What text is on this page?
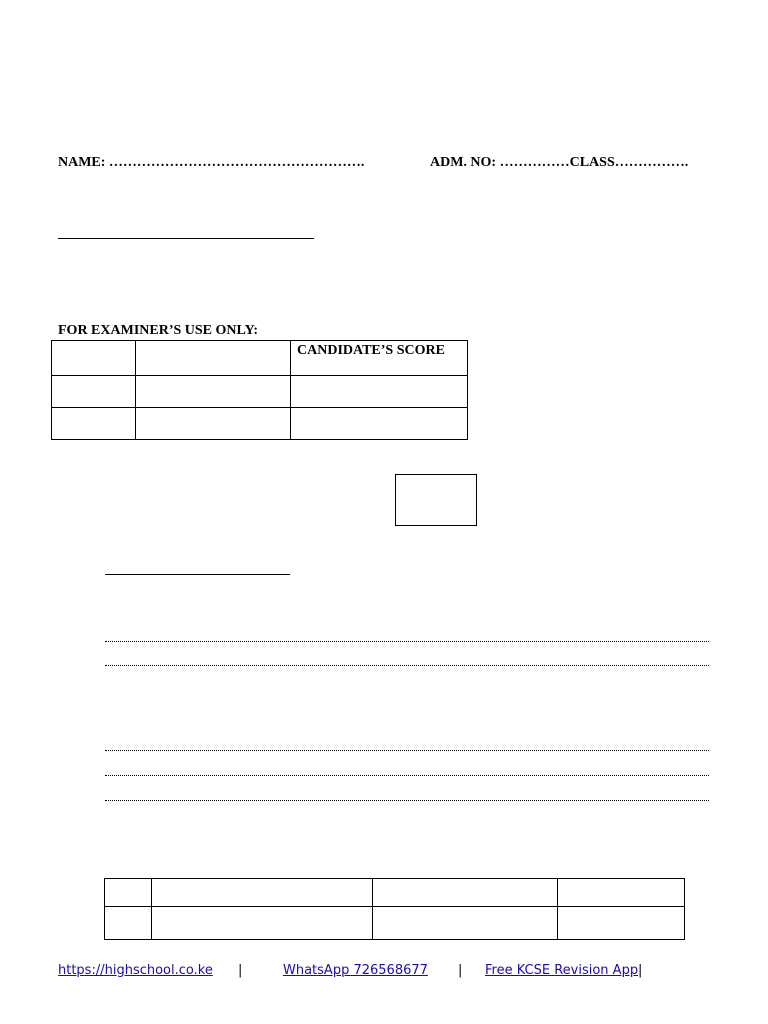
NAME: ……………………………………………….	ADM. NO: ……………CLASS…………….
FOR EXAMINER’S USE ONLY:
		CANDIDATE’S SCORE

https://highschool.co.ke |	WhatsApp 726568677 | Free KCSE Revision App |
